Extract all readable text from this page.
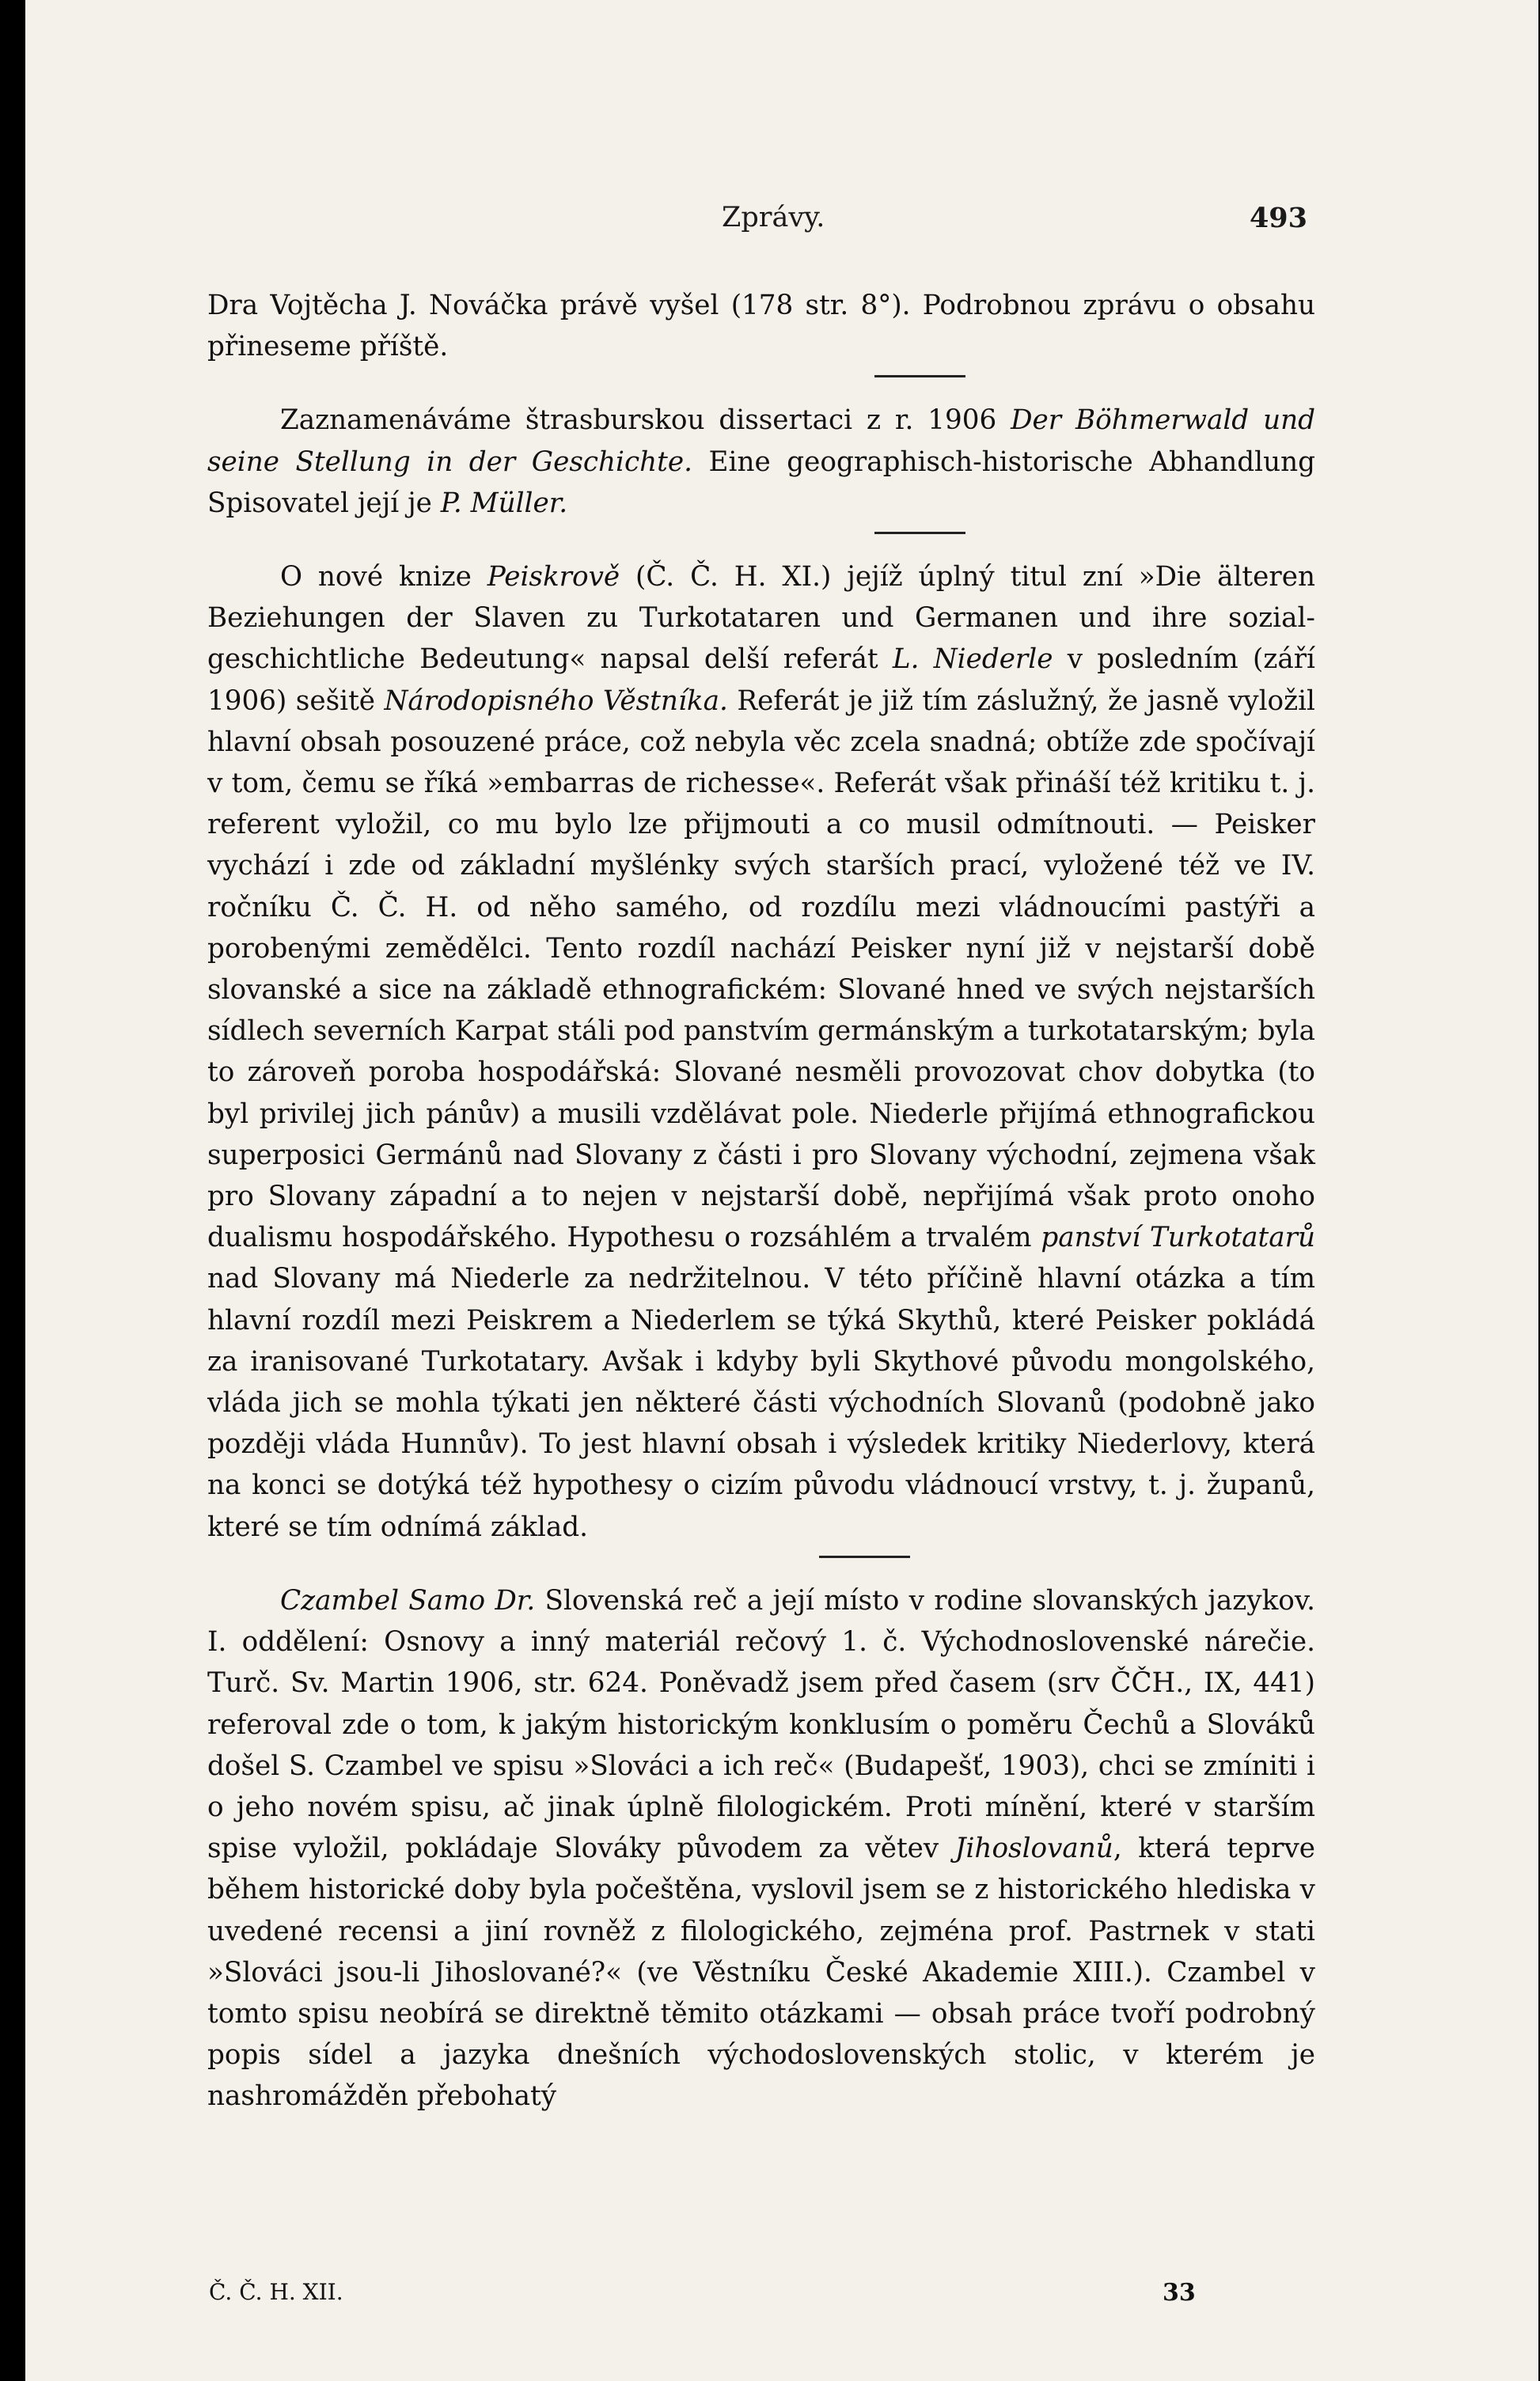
Zprávy.	493

Dra Vojtěcha J. Nováčka právě vyšel (178 str. 8°). Podrobnou zprávu o obsahu přineseme příště.

Zaznamenáváme štrasburskou dissertaci z r. 1906 Der Böhmerwald und seine Stellung in der Geschichte. Eine geographisch-historische Abhandlung Spisovatel její je P. Müller.

O nové knize Peiskrově (Č. Č. H. XI.) jejíž úplný titul zní »Die älteren Beziehungen der Slaven zu Turkotataren und Germanen und ihre sozial-geschichtliche Bedeutung« napsal delší referát L. Niederle v posledním (září 1906) sešitě Národopisného Věstníka. Referát je již tím záslužný, že jasně vyložil hlavní obsah posouzené práce, což nebyla věc zcela snadná; obtíže zde spočívají v tom, čemu se říká »embarras de richesse«. Referát však přináší též kritiku t. j. referent vyložil, co mu bylo lze přijmouti a co musil odmítnouti. — Peisker vychází i zde od základní myšlénky svých starších prací, vyložené též ve IV. ročníku Č. Č. H. od něho samého, od rozdílu mezi vládnoucími pastýři a porobenými zemědělci. Tento rozdíl nachází Peisker nyní již v nejstarší době slovanské a sice na základě ethnografickém: Slované hned ve svých nejstarších sídlech severních Karpat stáli pod panstvím germánským a turkotatarským; byla to zároveň poroba hospodářská: Slované nesměli provozovat chov dobytka (to byl privilej jich pánův) a musili vzdělávat pole. Niederle přijímá ethnografickou superposici Germánů nad Slovany z části i pro Slovany východní, zejmena však pro Slovany západní a to nejen v nejstarší době, nepřijímá však proto onoho dualismu hospodářského. Hypothesu o rozsáhlém a trvalém panství Turkotatarů nad Slovany má Niederle za nedržitelnou. V této příčině hlavní otázka a tím hlavní rozdíl mezi Peiskrem a Niederlem se týká Skythů, které Peisker pokládá za iranisované Turkotatary. Avšak i kdyby byli Skythové původu mongolského, vláda jich se mohla týkati jen některé části východních Slovanů (podobně jako později vláda Hunnův). To jest hlavní obsah i výsledek kritiky Niederlovy, která na konci se dotýká též hypothesy o cizím původu vládnoucí vrstvy, t. j. županů, které se tím odnímá základ.

Czambel Samo Dr. Slovenská reč a její místo v rodine slovanských jazykov. I. oddělení: Osnovy a inný materiál rečový 1. č. Východnoslovenské nárečie. Turč. Sv. Martin 1906, str. 624. Poněvadž jsem před časem (srv ČČH., IX, 441) referoval zde o tom, k jakým historickým konklusím o poměru Čechů a Slováků došel S. Czambel ve spisu »Slováci a ich reč« (Budapešť, 1903), chci se zmíniti i o jeho novém spisu, ač jinak úplně filologickém. Proti mínění, které v starším spise vyložil, pokládaje Slováky původem za větev Jihoslovanů, která teprve během historické doby byla počeštěna, vyslovil jsem se z historického hlediska v uvedené recensi a jiní rovněž z filologického, zejména prof. Pastrnek v stati »Slováci jsou-li Jihoslované?« (ve Věstníku České Akademie XIII.). Czambel v tomto spisu neobírá se direktně těmito otázkami — obsah práce tvoří podrobný popis sídel a jazyka dnešních východoslovenských stolic, v kterém je nashromážděn přebohatý

Č. Č. H. XII.	33
